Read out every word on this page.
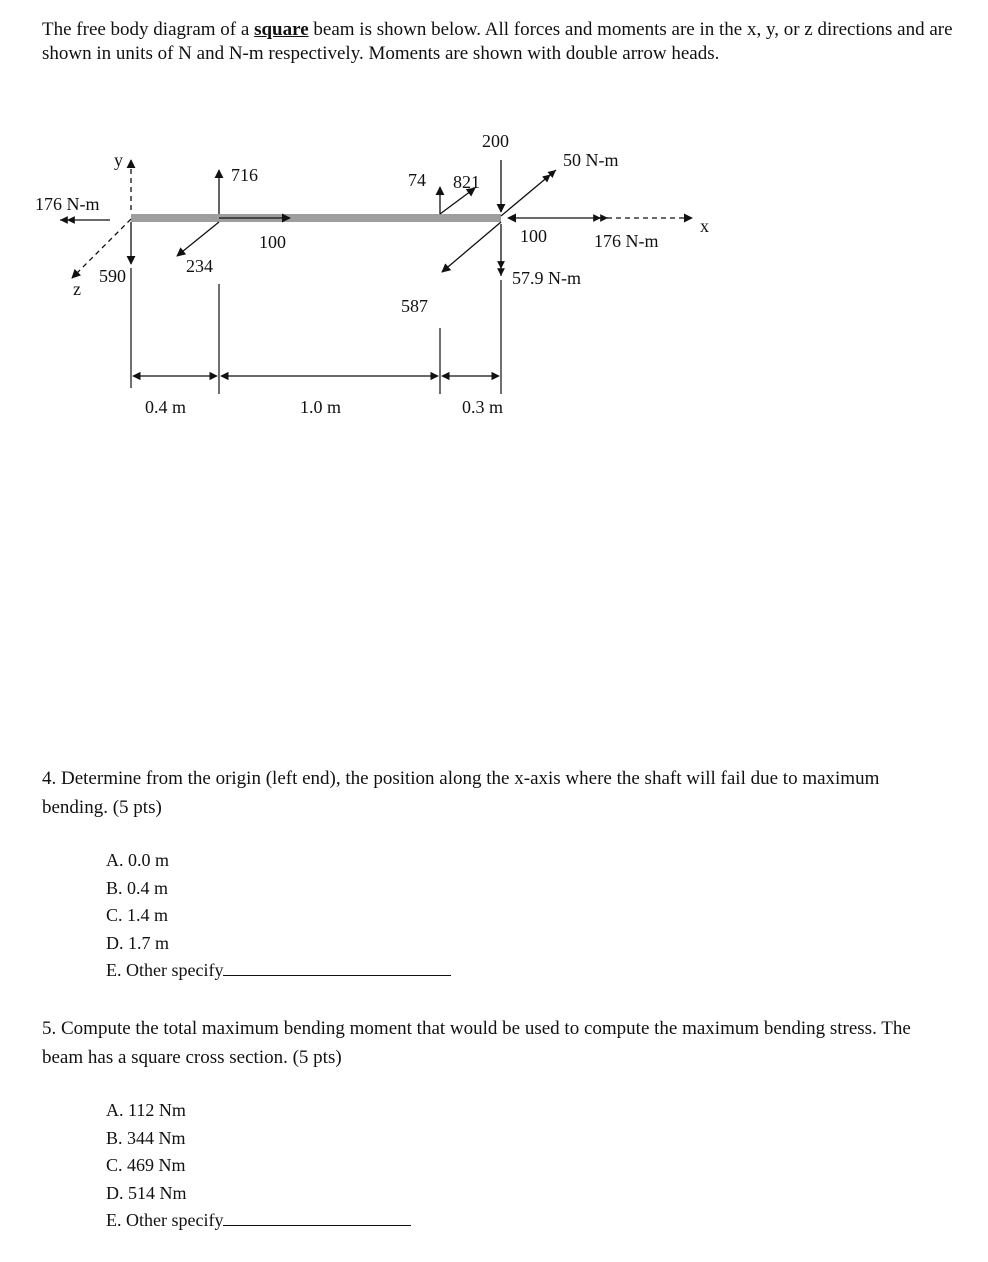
The free body diagram of a square beam is shown below. All forces and moments are in the x, y, or z directions and are shown in units of N and N-m respectively. Moments are shown with double arrow heads.
y
z
x
176 N-m
590
716
234
100
74 821
587
200
50 N-m
100	176 N-m
57.9 N-m
0.4 m	1.0 m	0.3 m
4. Determine from the origin (left end), the position along the x-axis where the shaft will fail due to maximum bending. (5 pts)
A. 0.0 m
B. 0.4 m
C. 1.4 m
D. 1.7 m
E. Other specify
5. Compute the total maximum bending moment that would be used to compute the maximum bending stress. The beam has a square cross section. (5 pts)
A. 112 Nm
B. 344 Nm
C. 469 Nm
D. 514 Nm
E. Other specify
